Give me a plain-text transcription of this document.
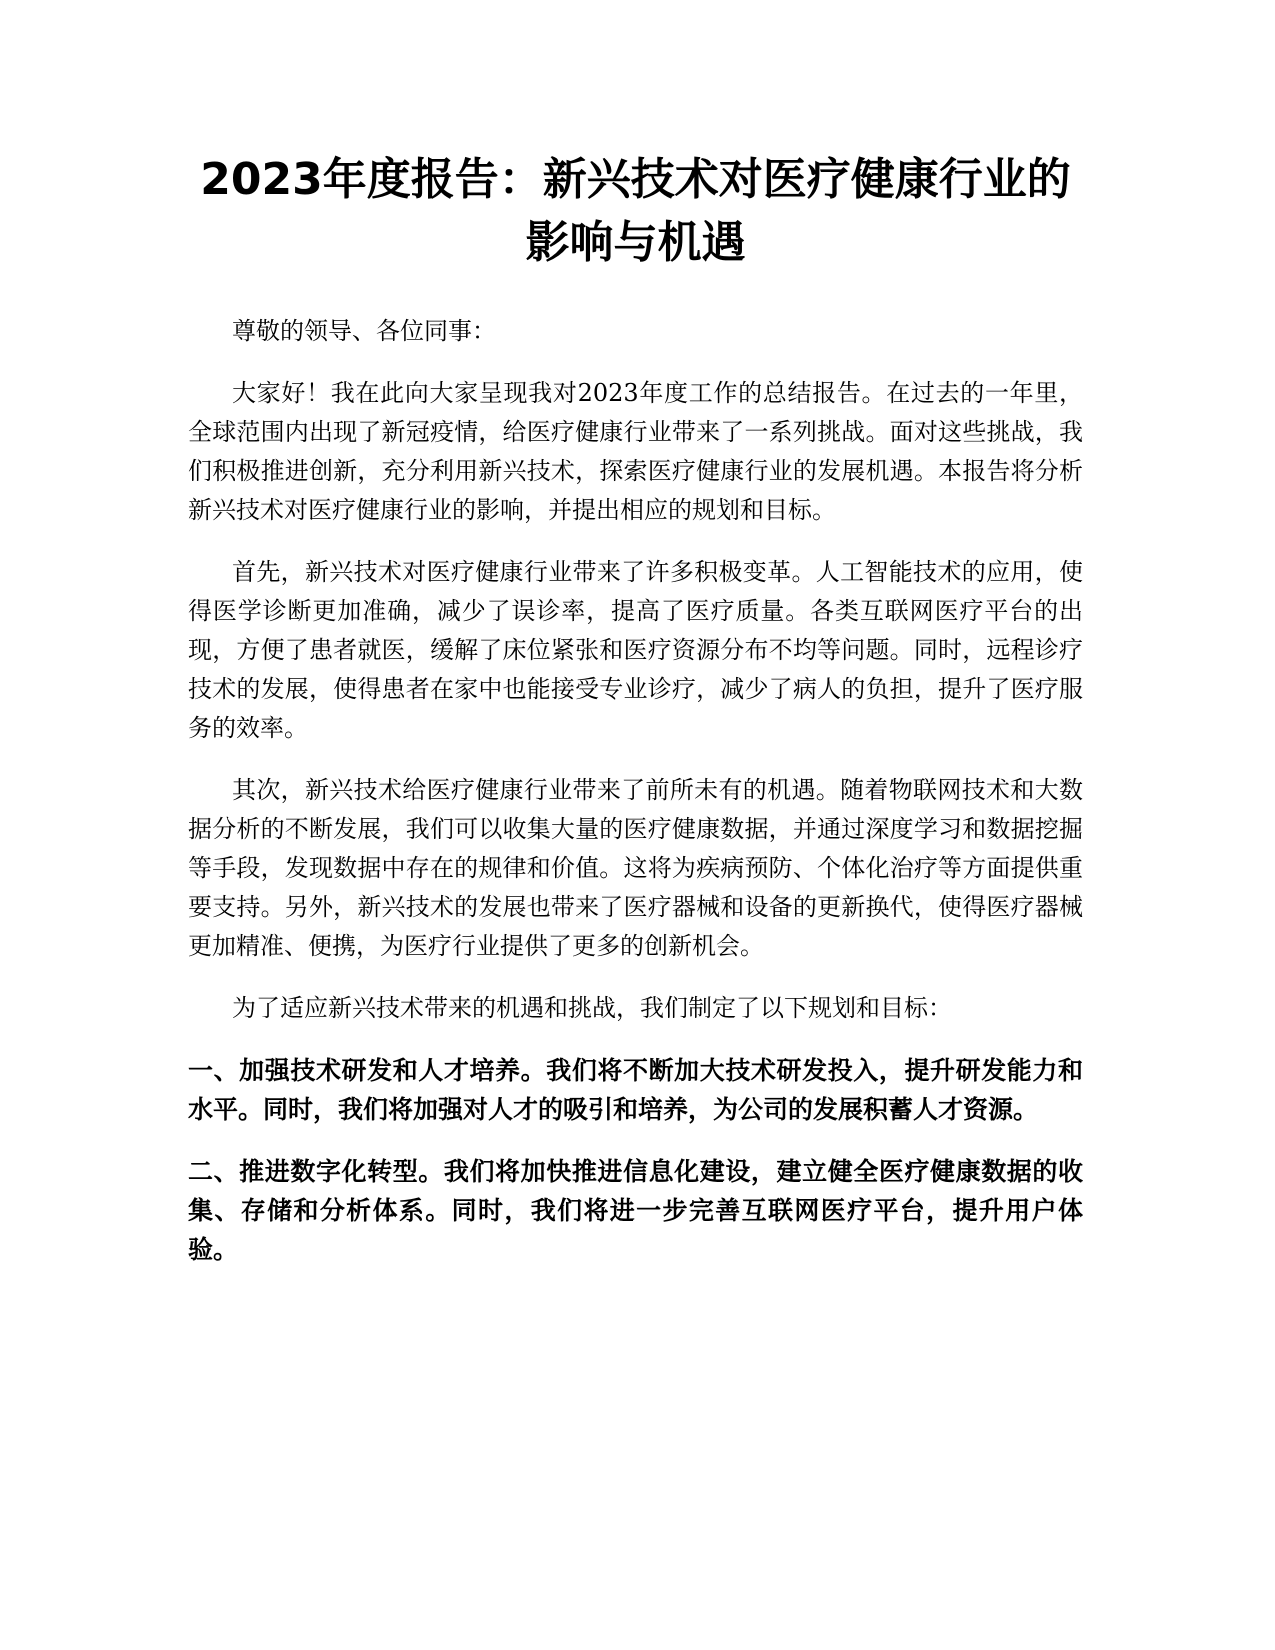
2023年度报告：新兴技术对医疗健康行业的影响与机遇

尊敬的领导、各位同事：

大家好！我在此向大家呈现我对2023年度工作的总结报告。在过去的一年里，全球范围内出现了新冠疫情，给医疗健康行业带来了一系列挑战。面对这些挑战，我们积极推进创新，充分利用新兴技术，探索医疗健康行业的发展机遇。本报告将分析新兴技术对医疗健康行业的影响，并提出相应的规划和目标。

首先，新兴技术对医疗健康行业带来了许多积极变革。人工智能技术的应用，使得医学诊断更加准确，减少了误诊率，提高了医疗质量。各类互联网医疗平台的出现，方便了患者就医，缓解了床位紧张和医疗资源分布不均等问题。同时，远程诊疗技术的发展，使得患者在家中也能接受专业诊疗，减少了病人的负担，提升了医疗服务的效率。

其次，新兴技术给医疗健康行业带来了前所未有的机遇。随着物联网技术和大数据分析的不断发展，我们可以收集大量的医疗健康数据，并通过深度学习和数据挖掘等手段，发现数据中存在的规律和价值。这将为疾病预防、个体化治疗等方面提供重要支持。另外，新兴技术的发展也带来了医疗器械和设备的更新换代，使得医疗器械更加精准、便携，为医疗行业提供了更多的创新机会。

为了适应新兴技术带来的机遇和挑战，我们制定了以下规划和目标：

一、加强技术研发和人才培养。我们将不断加大技术研发投入，提升研发能力和水平。同时，我们将加强对人才的吸引和培养，为公司的发展积蓄人才资源。

二、推进数字化转型。我们将加快推进信息化建设，建立健全医疗健康数据的收集、存储和分析体系。同时，我们将进一步完善互联网医疗平台，提升用户体验。
